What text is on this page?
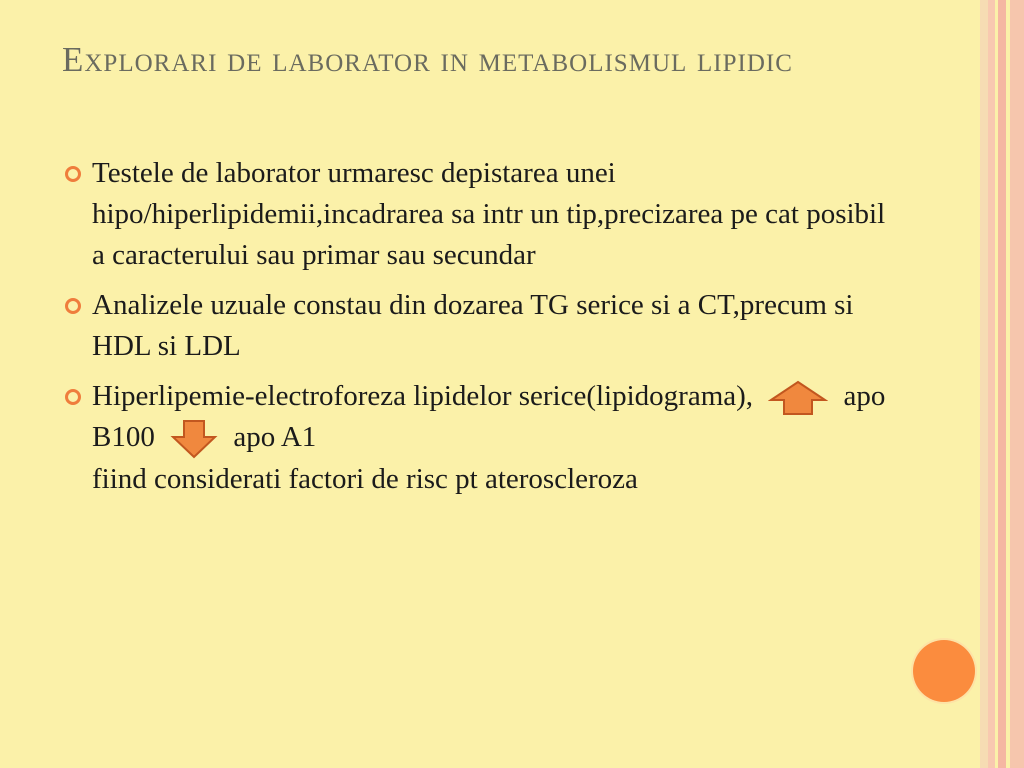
Explorari de laborator in metabolismul lipidic
Testele de laborator urmaresc depistarea unei hipo/hiperlipidemii,incadrarea sa intr un tip,precizarea pe cat posibil a caracterului sau primar sau secundar
Analizele uzuale constau din dozarea TG serice si a CT,precum si HDL si LDL
Hiperlipemie-electroforeza lipidelor serice(lipidograma),	apo B100	apo A1
fiind considerati factori de risc pt ateroscleroza
